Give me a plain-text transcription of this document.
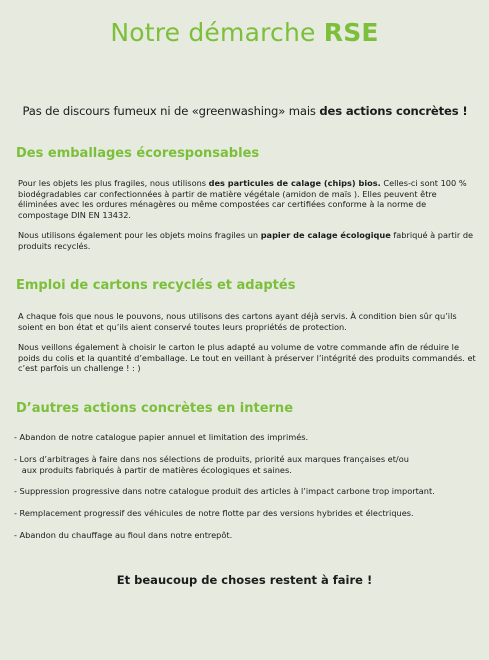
Notre démarche RSE
Pas de discours fumeux ni de «greenwashing» mais des actions concrètes !
Des emballages écoresponsables

Pour les objets les plus fragiles, nous utilisons des particules de calage (chips) bios. Celles-ci sont 100 % biodégradables car confectionnées à partir de matière végétale (amidon de maïs ). Elles peuvent être éliminées avec les ordures ménagères ou même compostées car certifiées conforme à la norme de compostage DIN EN 13432.

Nous utilisons également pour les objets moins fragiles un papier de calage écologique fabriqué à partir de produits recyclés.

Emploi de cartons recyclés et adaptés

A chaque fois que nous le pouvons, nous utilisons des cartons ayant déjà servis. À condition bien sûr qu’ils soient en bon état et qu’ils aient conservé toutes leurs propriétés de protection.

Nous veillons également à choisir le carton le plus adapté au volume de votre commande afin de réduire le poids du colis et la quantité d’emballage. Le tout en veillant à préserver l’intégrité des produits commandés. et c’est parfois un challenge ! : )

D’autres actions concrètes en interne
- Abandon de notre catalogue papier annuel et limitation des imprimés.
- Lors d’arbitrages à faire dans nos sélections de produits, priorité aux marques françaises et/ou
aux produits fabriqués à partir de matières écologiques et saines.
- Suppression progressive dans notre catalogue produit des articles à l’impact carbone trop important.
- Remplacement progressif des véhicules de notre flotte par des versions hybrides et électriques.
- Abandon du chauffage au fioul dans notre entrepôt.
Et beaucoup de choses restent à faire !
